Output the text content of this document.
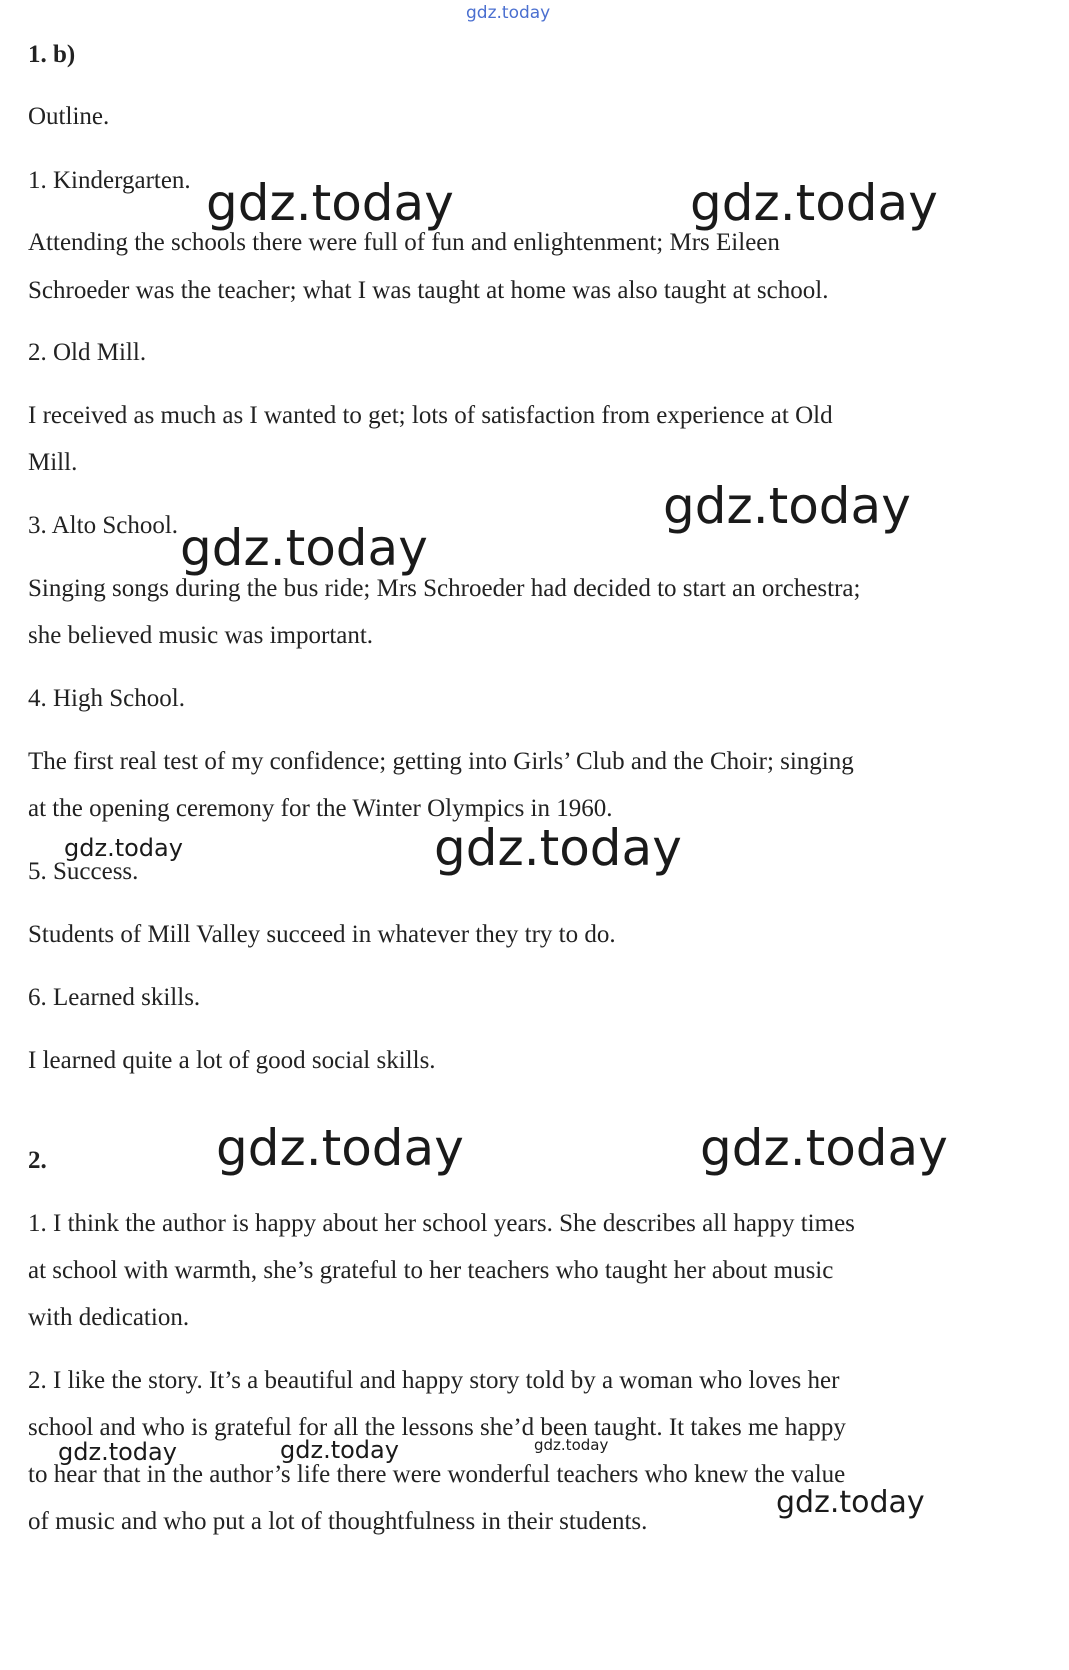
gdz.today
1. b)
Outline.
1. Kindergarten.
Attending the schools there were full of fun and enlightenment; Mrs Eileen
Schroeder was the teacher; what I was taught at home was also taught at school.
2. Old Mill.
I received as much as I wanted to get; lots of satisfaction from experience at Old
Mill.
3. Alto School.
Singing songs during the bus ride; Mrs Schroeder had decided to start an orchestra;
she believed music was important.
4. High School.
The first real test of my confidence; getting into Girls’ Club and the Choir; singing
at the opening ceremony for the Winter Olympics in 1960.
5. Success.
Students of Mill Valley succeed in whatever they try to do.
6. Learned skills.
I learned quite a lot of good social skills.
2.
1. I think the author is happy about her school years. She describes all happy times
at school with warmth, she’s grateful to her teachers who taught her about music
with dedication.
2. I like the story. It’s a beautiful and happy story told by a woman who loves her
school and who is grateful for all the lessons she’d been taught. It takes me happy
to hear that in the author’s life there were wonderful teachers who knew the value
of music and who put a lot of thoughtfulness in their students.
gdz.today	gdz.today
gdz.today
gdz.today
gdz.today
gdz.today
gdz.today	gdz.today
gdz.today	gdz.today	gdz.today
gdz.today
